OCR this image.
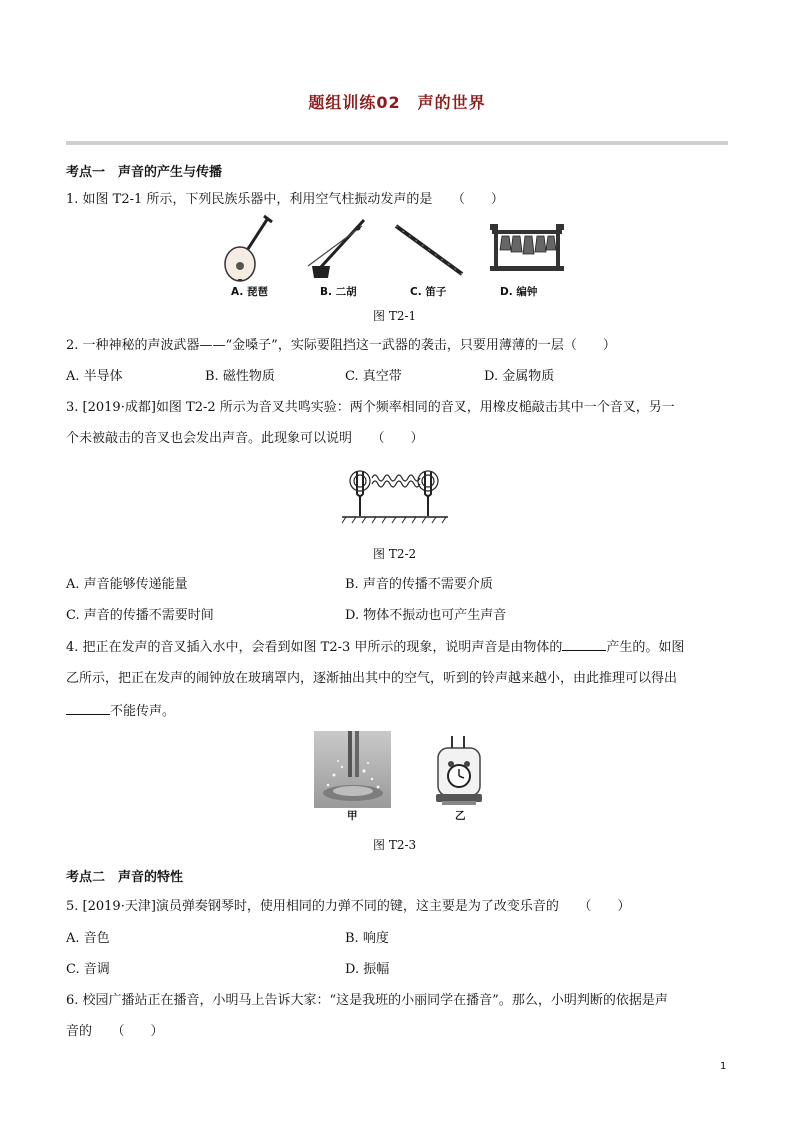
题组训练02　声的世界
考点一　声音的产生与传播
1. 如图 T2-1 所示，下列民族乐器中，利用空气柱振动发声的是　　（　　）
A. 琵琶	B. 二胡	C. 笛子	D. 编钟
图 T2-1
2. 一种神秘的声波武器——“金嗓子”，实际要阻挡这一武器的袭击，只要用薄薄的一层（　　）
A. 半导体	B. 磁性物质	C. 真空带	D. 金属物质
3. [2019·成都]如图 T2-2 所示为音叉共鸣实验：两个频率相同的音叉，用橡皮槌敲击其中一个音叉，另一
个未被敲击的音叉也会发出声音。此现象可以说明　　（　　）
图 T2-2
A. 声音能够传递能量	B. 声音的传播不需要介质
C. 声音的传播不需要时间	D. 物体不振动也可产生声音
4. 把正在发声的音叉插入水中，会看到如图 T2-3 甲所示的现象，说明声音是由物体的	产生的。如图
乙所示，把正在发声的闹钟放在玻璃罩内，逐渐抽出其中的空气，听到的铃声越来越小，由此推理可以得出
不能传声。
甲	乙
图 T2-3
考点二　声音的特性
5. [2019·天津]演员弹奏钢琴时，使用相同的力弹不同的键，这主要是为了改变乐音的　　（　　）
A. 音色	B. 响度
C. 音调	D. 振幅
6. 校园广播站正在播音，小明马上告诉大家：“这是我班的小丽同学在播音”。那么，小明判断的依据是声
音的　　（　　）
1
